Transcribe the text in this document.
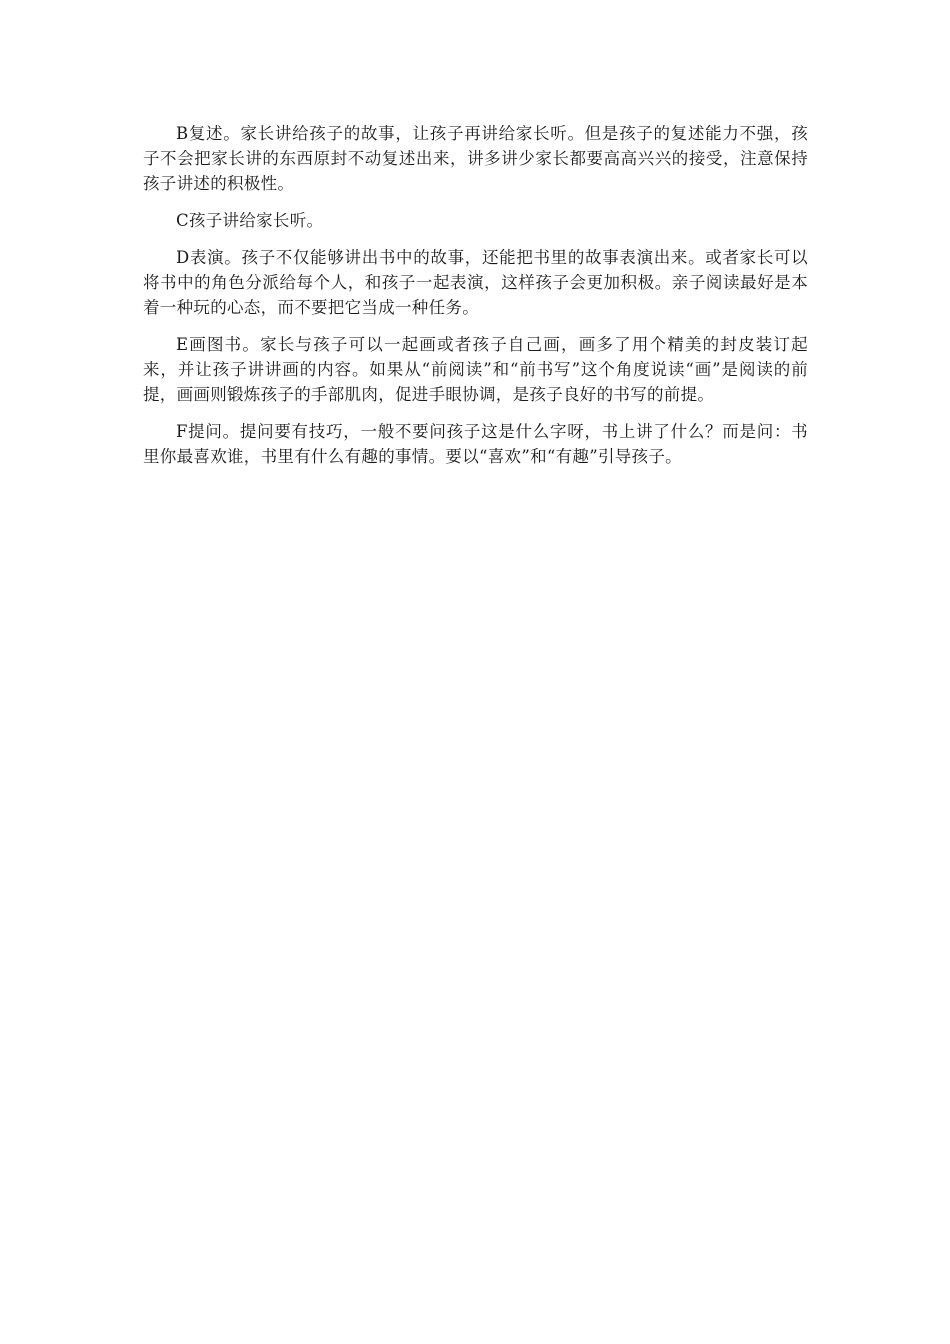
B复述。家长讲给孩子的故事，让孩子再讲给家长听。但是孩子的复述能力不强，孩子不会把家长讲的东西原封不动复述出来，讲多讲少家长都要高高兴兴的接受，注意保持孩子讲述的积极性。

C孩子讲给家长听。

D表演。孩子不仅能够讲出书中的故事，还能把书里的故事表演出来。或者家长可以将书中的角色分派给每个人，和孩子一起表演，这样孩子会更加积极。亲子阅读最好是本着一种玩的心态，而不要把它当成一种任务。

E画图书。家长与孩子可以一起画或者孩子自己画，画多了用个精美的封皮装订起来，并让孩子讲讲画的内容。如果从“前阅读”和“前书写”这个角度说读“画”是阅读的前提，画画则锻炼孩子的手部肌肉，促进手眼协调，是孩子良好的书写的前提。

F提问。提问要有技巧，一般不要问孩子这是什么字呀，书上讲了什么？而是问：书里你最喜欢谁，书里有什么有趣的事情。要以“喜欢”和“有趣”引导孩子。
